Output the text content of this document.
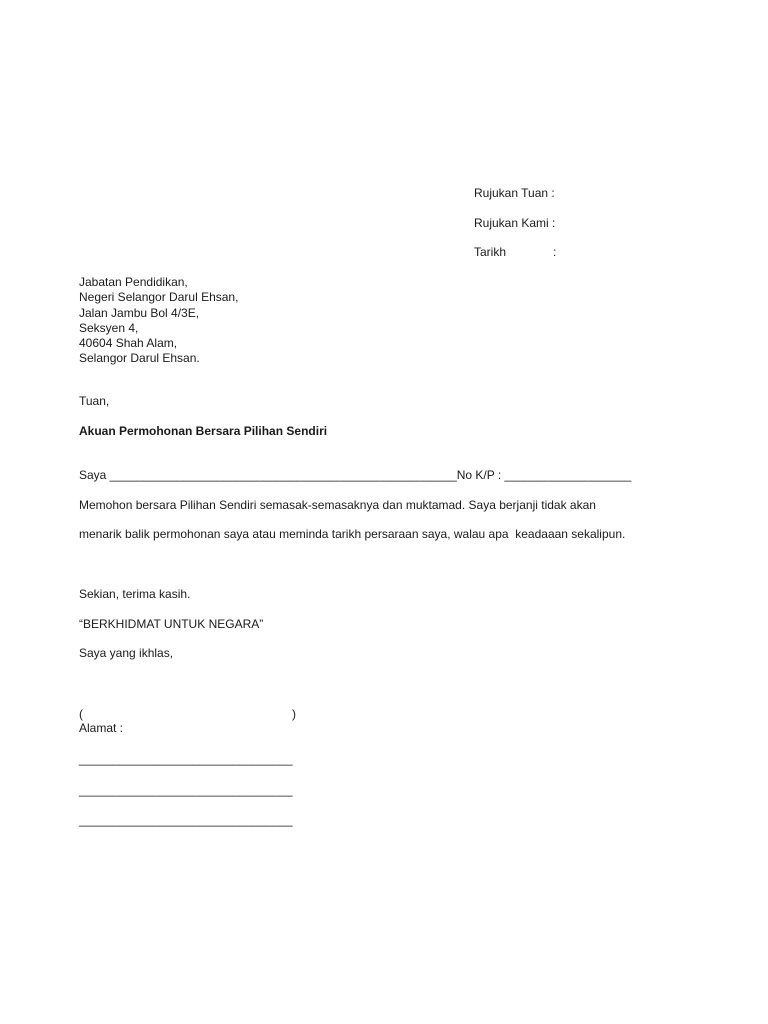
Rujukan Tuan :
Rujukan Kami :
Tarikh	:
Jabatan Pendidikan,
Negeri Selangor Darul Ehsan,
Jalan Jambu Bol 4/3E,
Seksyen 4,
40604 Shah Alam,
Selangor Darul Ehsan.
Tuan,
Akuan Permohonan Bersara Pilihan Sendiri
Saya ____________________________________________________No K/P : ___________________
Memohon bersara Pilihan Sendiri semasak-semasaknya dan muktamad. Saya berjanji tidak akan
menarik balik permohonan saya atau meminda tarikh persaraan saya, walau apa  keadaaan sekalipun.
Sekian, terima kasih.
“BERKHIDMAT UNTUK NEGARA”
Saya yang ikhlas,
(	)
Alamat :
________________________________
________________________________
________________________________
